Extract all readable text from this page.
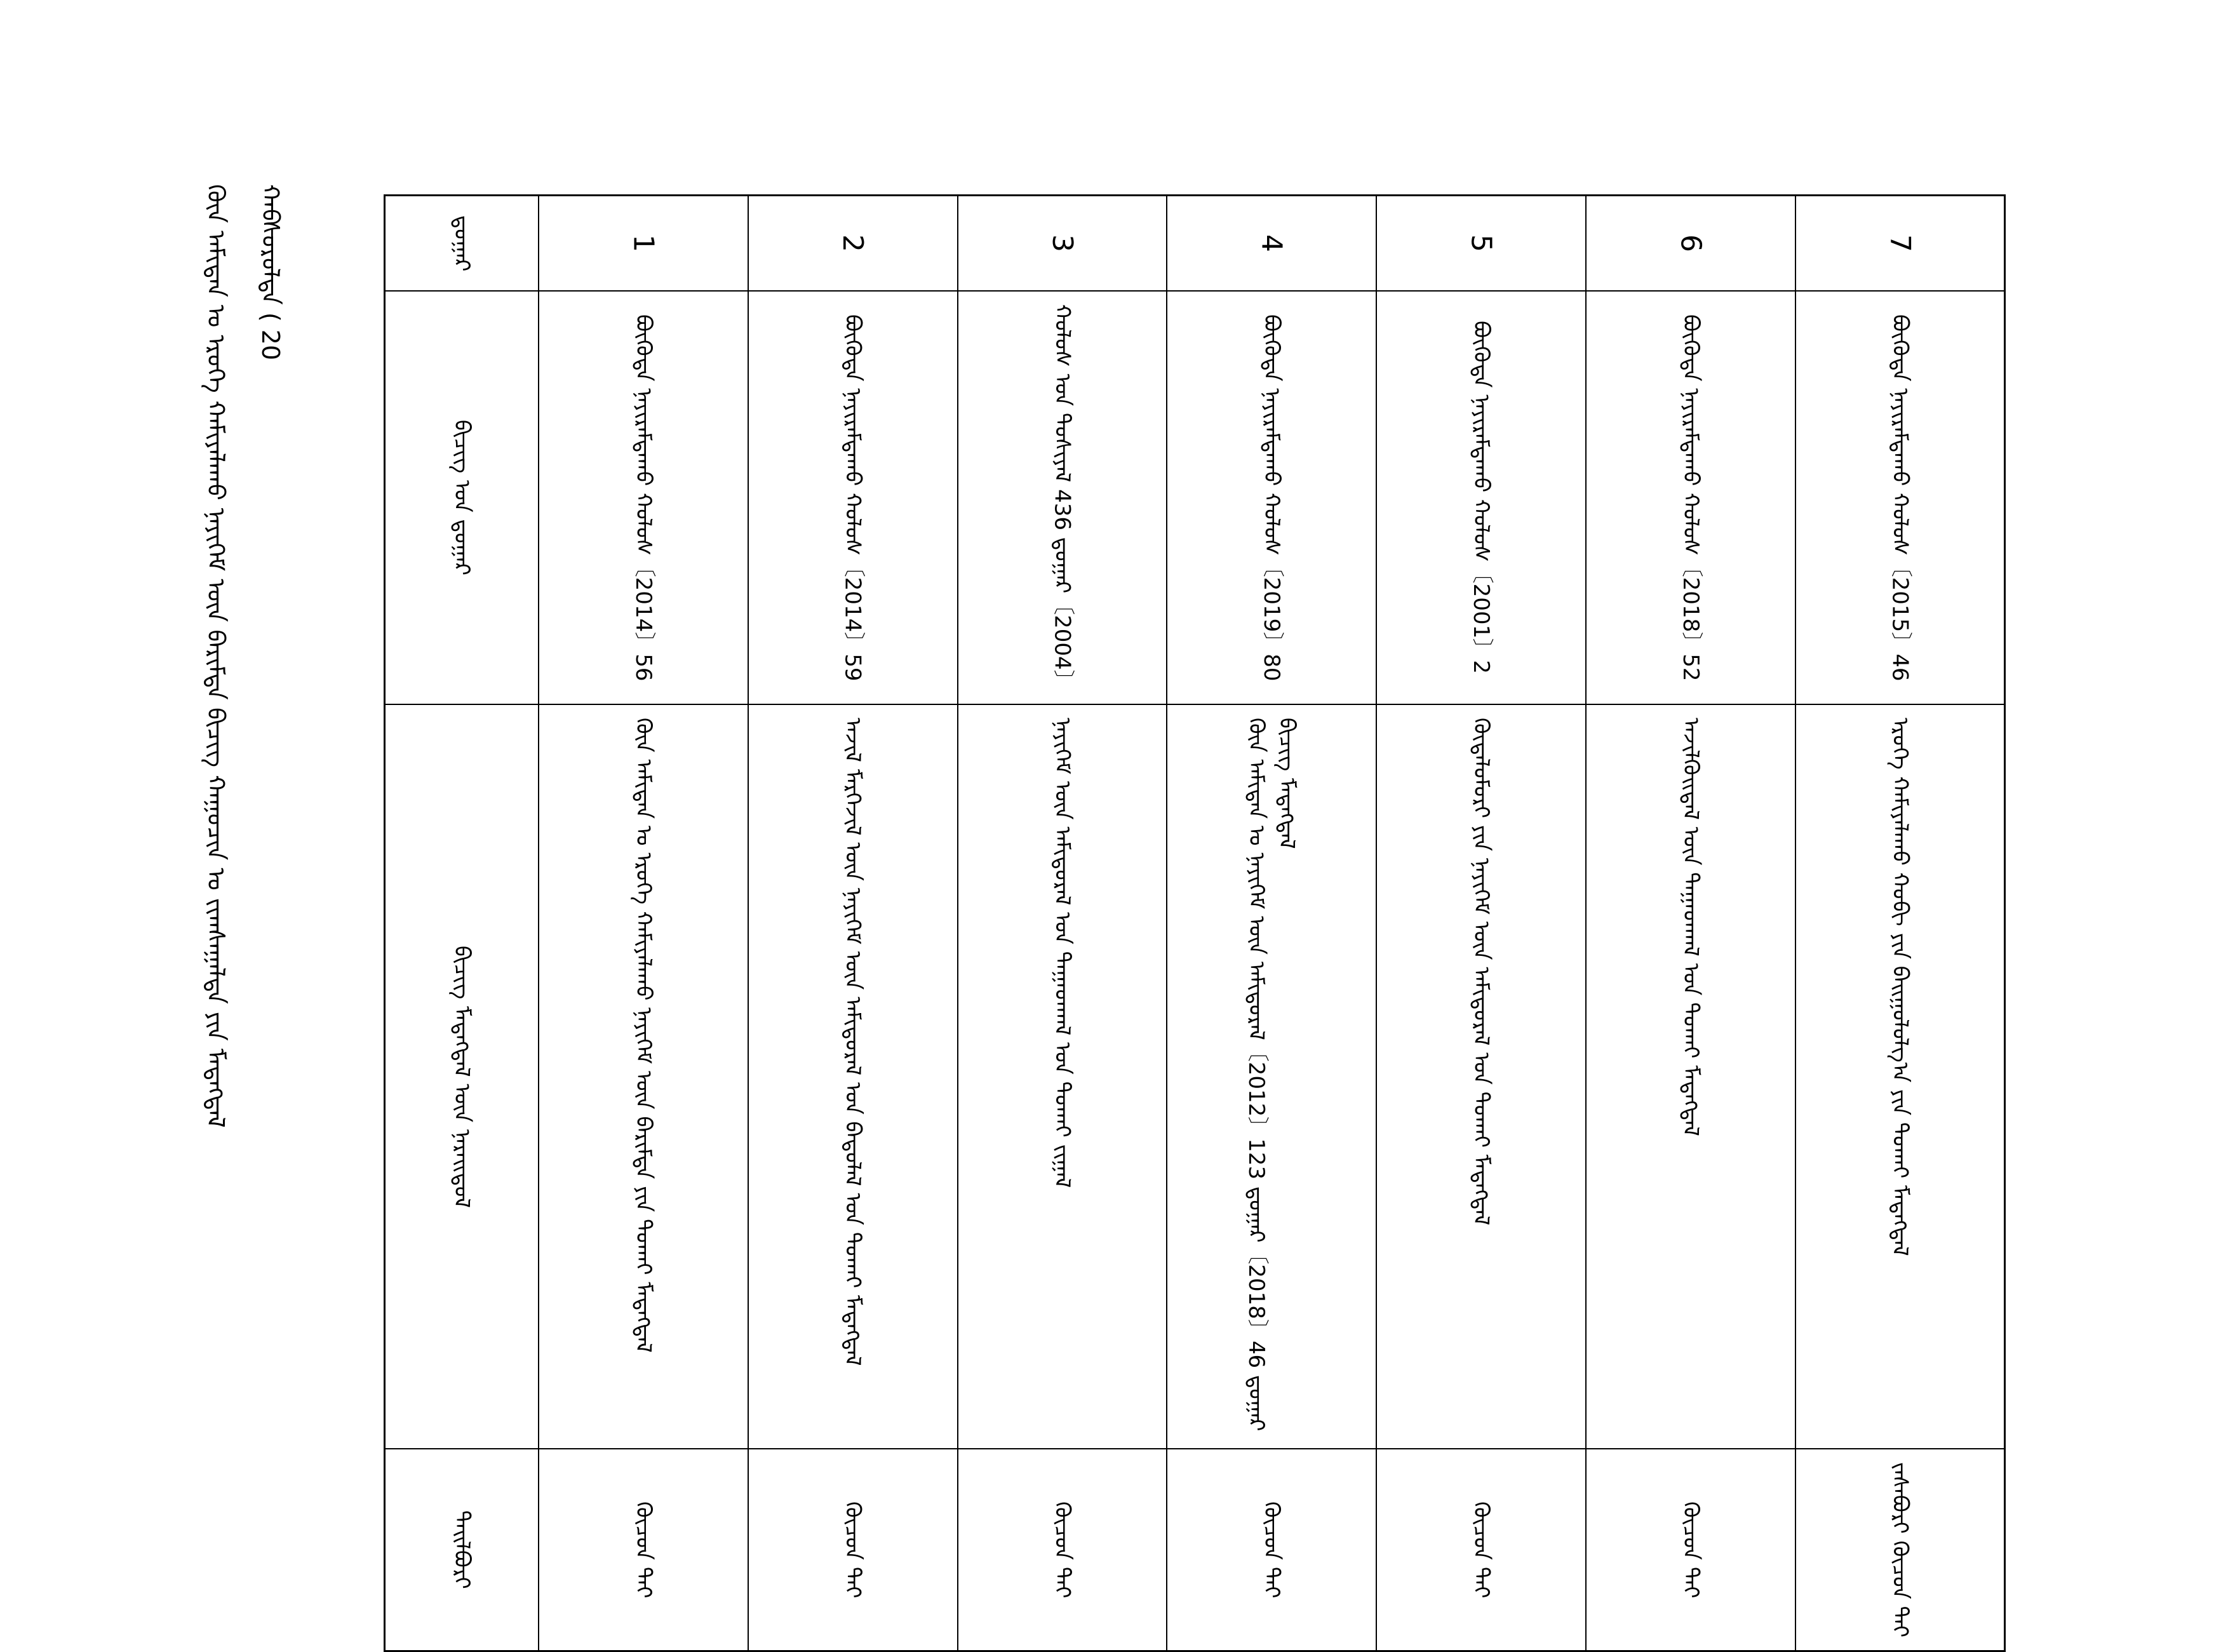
ᠬᠠᠪᠰᠤᠷᠤᠯᠲᠠ ( 20
ᠬᠦᠨ ᠠᠮᠢᠲᠠᠨ ᠤ ᠡᠷᠦᠬᠡ ᠬᠠᠮᠢᠶᠠᠯᠠᠬᠤ ᠨᠡᠶᠢᠭᠡᠮ ᠦᠨ ᠪᠠᠷᠢᠮᠲᠠ ᠪᠢᠴᠢᠭ ᠬᠠᠭᠤᠴᠢᠨ ᠤ ᠵᠢᠭᠰᠠᠭᠠᠯᠲᠠ ᠶᠢᠨ ᠮᠡᠳᠡᠭᠳᠡᠯ	ᠳ᠋ᠤᠭᠠᠷ	1	2	3	4	5	6	7

ᠪᠢᠴᠢᠭ ᠤᠨ ᠳ᠋ᠤᠭᠠᠷ	ᠪᠦᠭᠦᠳᠡ ᠨᠠᠶᠢᠷᠠᠮᠳᠠᠬᠤ ᠬᠤᠯᠤᠰ〔2014〕56	ᠪᠦᠭᠦᠳᠡ ᠨᠠᠶᠢᠷᠠᠮᠳᠠᠬᠤ ᠬᠤᠯᠤᠰ〔2014〕59	ᠬᠤᠯᠤᠰ ᠤᠨ ᠲᠤᠰᠢᠶᠠᠯ 436 ᠳ᠋ᠤᠭᠠᠷ〔2004〕	ᠪᠦᠭᠦᠳᠡ ᠨᠠᠶᠢᠷᠠᠮᠳᠠᠬᠤ ᠬᠤᠯᠤᠰ〔2019〕80	ᠪᠦᠭᠦᠳᠡ ᠨᠠᠶᠢᠷᠠᠮᠳᠠᠬᠤ ᠬᠤᠯᠤᠰ〔2001〕2	ᠪᠦᠭᠦᠳᠡ ᠨᠠᠶᠢᠷᠠᠮᠳᠠᠬᠤ ᠬᠤᠯᠤᠰ〔2018〕52	ᠪᠦᠭᠦᠳᠡ ᠨᠠᠶᠢᠷᠠᠮᠳᠠᠬᠤ ᠬᠤᠯᠤᠰ〔2015〕46

ᠪᠢᠴᠢᠭ ᠮᠡᠳᠡᠭᠳᠡᠯ ᠦᠨ ᠨᠡᠷᠡᠢᠳᠦᠯ	ᠬᠦᠨ ᠠᠮᠢᠲᠠᠨ ᠤ ᠡᠷᠦᠬᠡ ᠬᠠᠮᠢᠶᠠᠯᠠᠬᠤ ᠨᠡᠶᠢᠭᠡᠮ ᠦᠨ ᠪᠠᠷᠢᠮᠲᠠ ᠶᠢᠨ ᠲᠤᠬᠠᠢ ᠮᠡᠳᠡᠭᠳᠡᠯ	ᠠᠵᠢᠯ ᠮᠡᠷᠭᠡᠵᠢᠯ ᠦᠨ ᠨᠡᠶᠢᠭᠡᠮ ᠦᠨ ᠠᠮᠢᠳᠤᠷᠠᠯ ᠤᠨ ᠪᠠᠲᠤᠯᠠᠯ ᠤᠨ ᠲᠤᠬᠠᠢ ᠮᠡᠳᠡᠭᠳᠡᠯ	ᠨᠡᠶᠢᠭᠡᠮ ᠦᠨ ᠠᠮᠢᠳᠤᠷᠠᠯ ᠤᠨ ᠳᠠᠭᠠᠳᠬᠠᠯ ᠤᠨ ᠲᠤᠬᠠᠢ ᠵᠢᠭᠠᠯ	ᠬᠦᠨ ᠠᠮᠢᠲᠠᠨ ᠤ ᠨᠡᠶᠢᠭᠡᠮ ᠦᠨ ᠠᠮᠢᠳᠤᠷᠠᠯ〔2012〕123 ᠳ᠋ᠤᠭᠠᠷ〔2018〕46 ᠳ᠋ᠤᠭᠠᠷ ᠪᠢᠴᠢᠭ ᠮᠡᠳᠡᠭᠳᠡᠯ	ᠬᠦᠳᠡᠯᠦᠮᠦᠷᠢ ᠶᠢᠨ ᠨᠡᠶᠢᠭᠡᠮ ᠦᠨ ᠠᠮᠢᠳᠤᠷᠠᠯ ᠤᠨ ᠲᠤᠬᠠᠢ ᠮᠡᠳᠡᠭᠳᠡᠯ	ᠠᠵᠢᠯᠭᠦᠢᠳᠡᠯ ᠦᠨ ᠳᠠᠭᠠᠳᠬᠠᠯ ᠤᠨ ᠲᠤᠬᠠᠢ ᠮᠡᠳᠡᠭᠳᠡᠯ	ᠡᠷᠦᠬᠡ ᠬᠠᠮᠢᠶᠠᠯᠠᠬᠤ ᠬᠤᠪᠢ ᠶᠢᠨ ᠪᠠᠢᠭᠤᠯᠤᠯᠭ᠎ᠠ ᠶᠢᠨ ᠲᠤᠬᠠᠢ ᠮᠡᠳᠡᠭᠳᠡᠯ

ᠲᠠᠢᠯᠪᠣᠷᠢ	ᠬᠦᠴᠦᠨ ᠲᠡᠢ	ᠬᠦᠴᠦᠨ ᠲᠡᠢ	ᠬᠦᠴᠦᠨ ᠲᠡᠢ	ᠬᠦᠴᠦᠨ ᠲᠡᠢ	ᠬᠦᠴᠦᠨ ᠲᠡᠢ	ᠬᠦᠴᠦᠨ ᠲᠡᠢ	ᠵᠠᠰᠠᠪᠤᠷᠢ ᠬᠦᠴᠦᠨ ᠲᠡᠢ
